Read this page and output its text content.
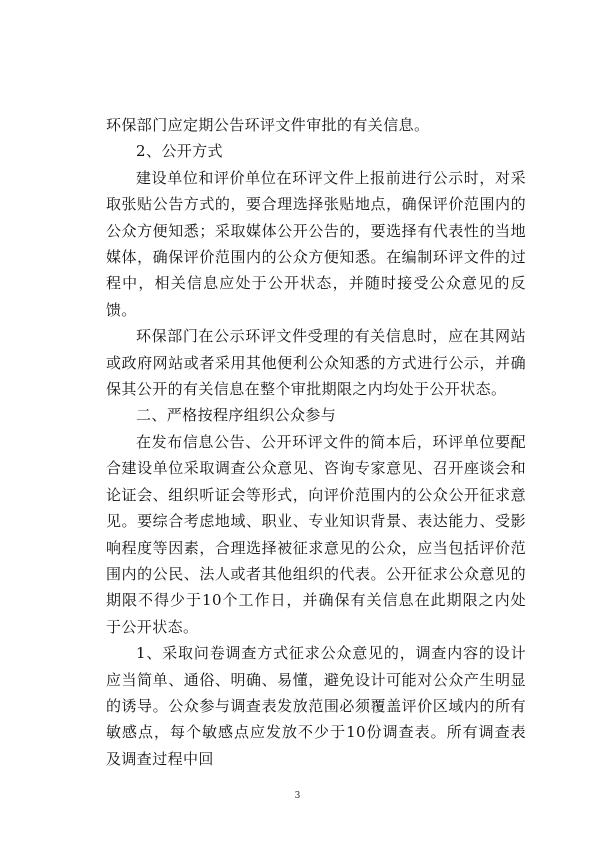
环保部门应定期公告环评文件审批的有关信息。

2、公开方式

建设单位和评价单位在环评文件上报前进行公示时，对采取张贴公告方式的，要合理选择张贴地点，确保评价范围内的公众方便知悉；采取媒体公开公告的，要选择有代表性的当地媒体，确保评价范围内的公众方便知悉。在编制环评文件的过程中，相关信息应处于公开状态，并随时接受公众意见的反馈。

环保部门在公示环评文件受理的有关信息时，应在其网站或政府网站或者采用其他便利公众知悉的方式进行公示，并确保其公开的有关信息在整个审批期限之内均处于公开状态。

二、严格按程序组织公众参与

在发布信息公告、公开环评文件的简本后，环评单位要配合建设单位采取调查公众意见、咨询专家意见、召开座谈会和论证会、组织听证会等形式，向评价范围内的公众公开征求意见。要综合考虑地域、职业、专业知识背景、表达能力、受影响程度等因素，合理选择被征求意见的公众，应当包括评价范围内的公民、法人或者其他组织的代表。公开征求公众意见的期限不得少于10个工作日，并确保有关信息在此期限之内处于公开状态。

1、采取问卷调查方式征求公众意见的，调查内容的设计应当简单、通俗、明确、易懂，避免设计可能对公众产生明显的诱导。公众参与调查表发放范围必须覆盖评价区域内的所有敏感点，每个敏感点应发放不少于10份调查表。所有调查表及调查过程中回

3
